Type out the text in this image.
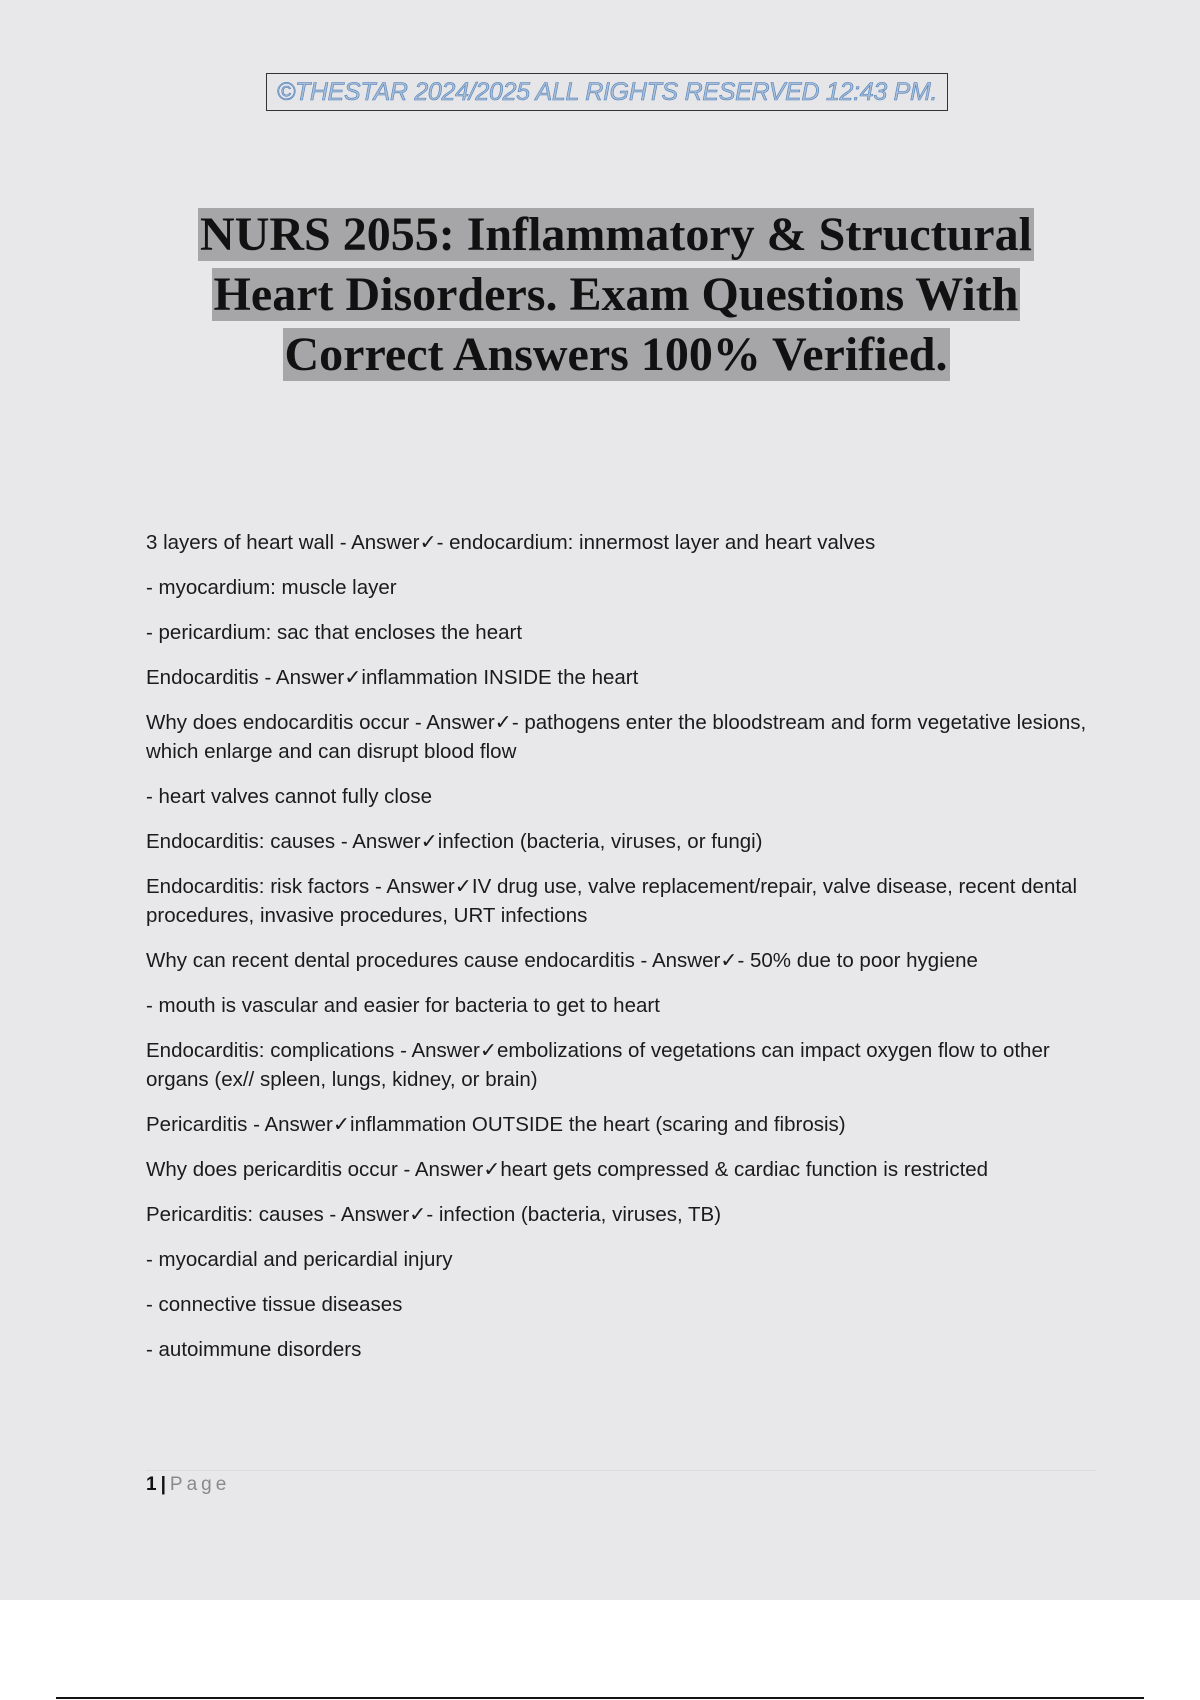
©THESTAR 2024/2025 ALL RIGHTS RESERVED 12:43 PM.
NURS 2055: Inflammatory & Structural
Heart Disorders. Exam Questions With
Correct Answers 100% Verified.

3 layers of heart wall - Answer✓- endocardium: innermost layer and heart valves

- myocardium: muscle layer

- pericardium: sac that encloses the heart

Endocarditis - Answer✓inflammation INSIDE the heart

Why does endocarditis occur - Answer✓- pathogens enter the bloodstream and form vegetative lesions, which enlarge and can disrupt blood flow

- heart valves cannot fully close

Endocarditis: causes - Answer✓infection (bacteria, viruses, or fungi)

Endocarditis: risk factors - Answer✓IV drug use, valve replacement/repair, valve disease, recent dental procedures, invasive procedures, URT infections

Why can recent dental procedures cause endocarditis - Answer✓- 50% due to poor hygiene

- mouth is vascular and easier for bacteria to get to heart

Endocarditis: complications - Answer✓embolizations of vegetations can impact oxygen flow to other organs (ex// spleen, lungs, kidney, or brain)

Pericarditis - Answer✓inflammation OUTSIDE the heart (scaring and fibrosis)

Why does pericarditis occur - Answer✓heart gets compressed & cardiac function is restricted

Pericarditis: causes - Answer✓- infection (bacteria, viruses, TB)

- myocardial and pericardial injury

- connective tissue diseases

- autoimmune disorders

1 | Page
